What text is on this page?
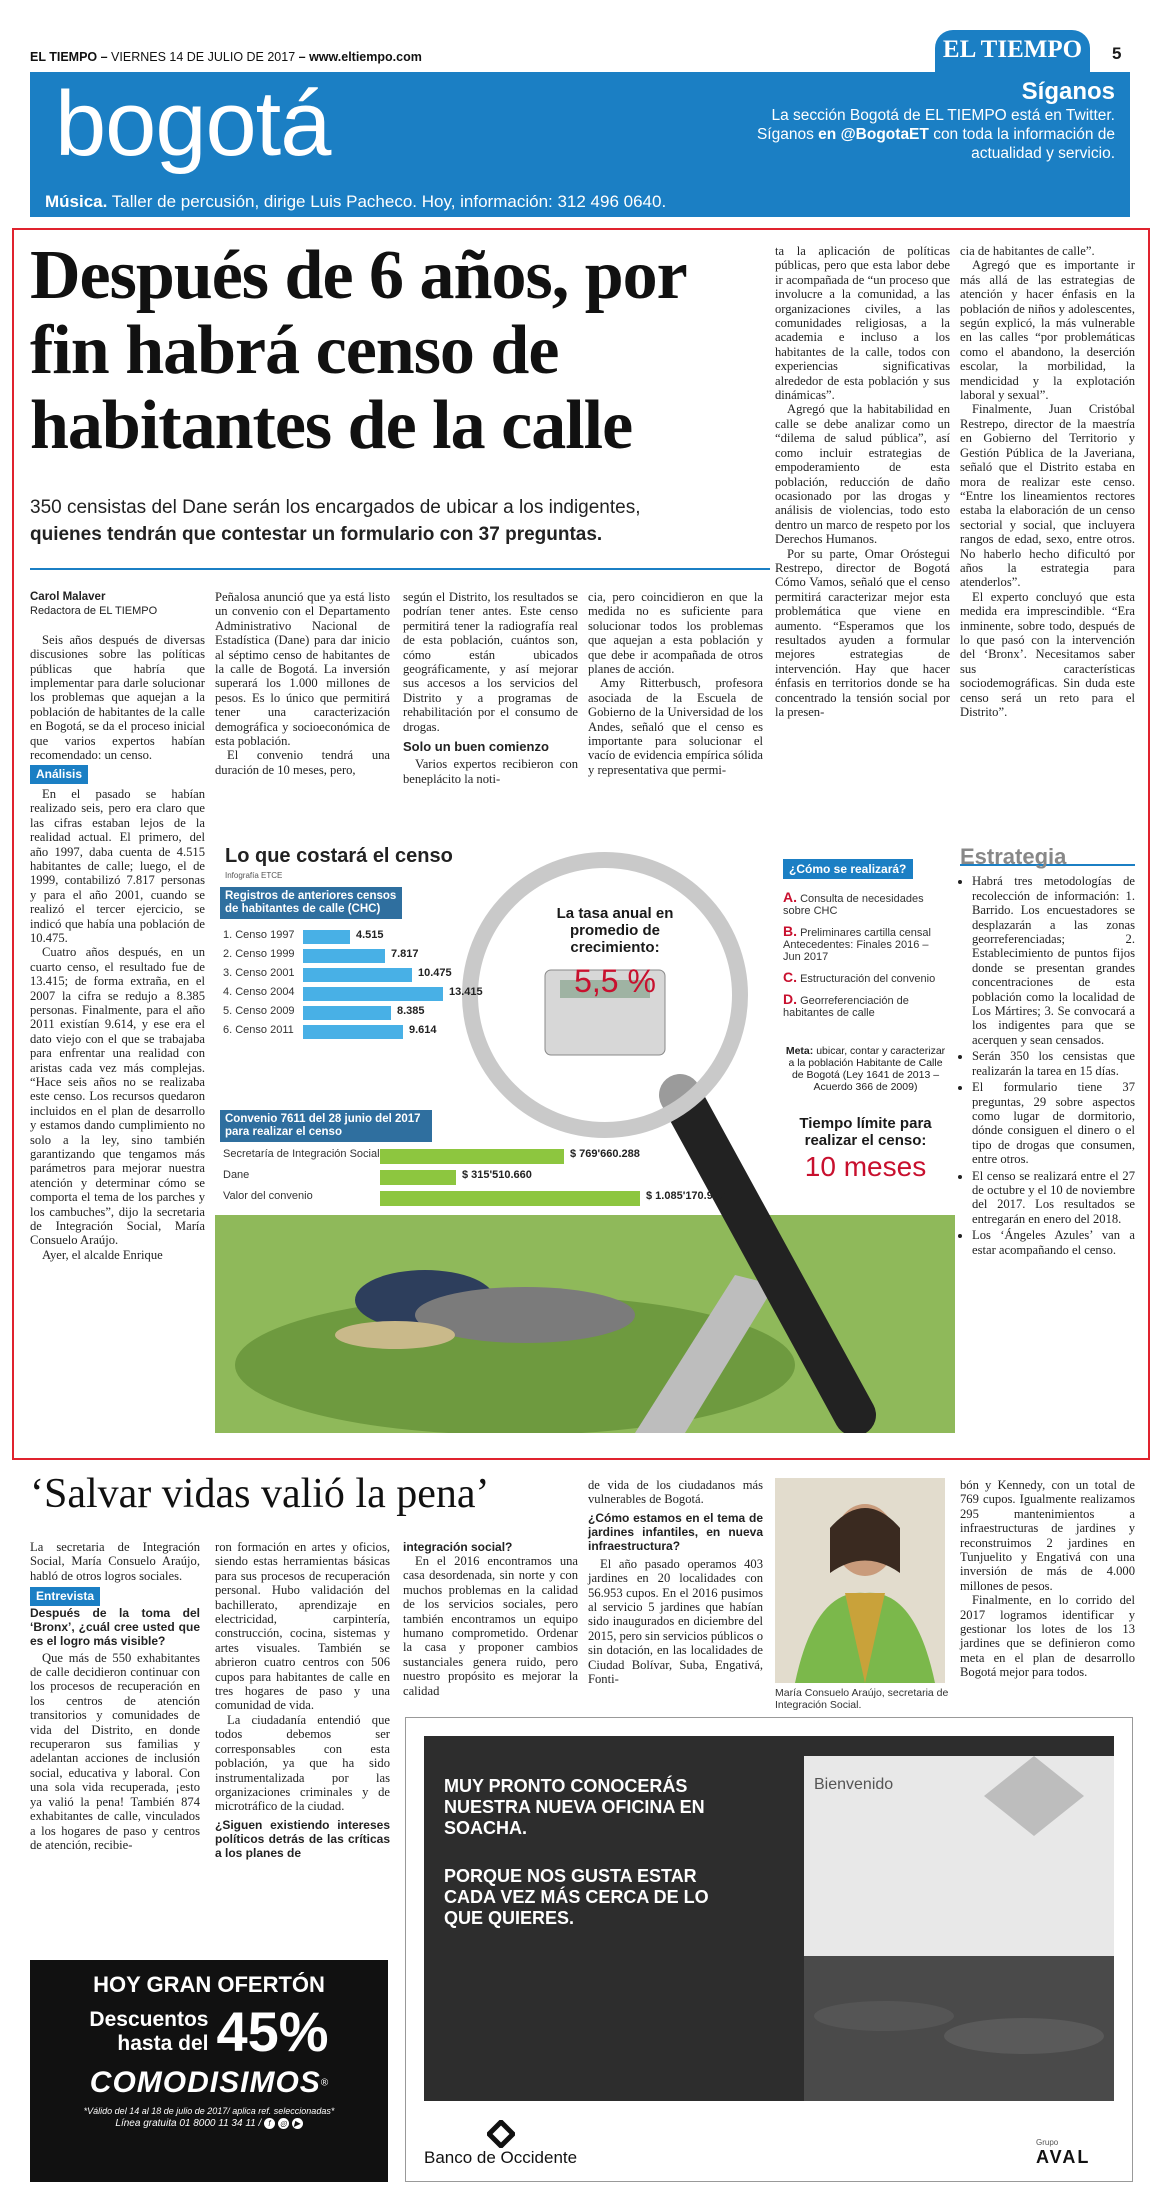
EL TIEMPO – VIERNES 14 DE JULIO DE 2017 – www.eltiempo.com	EL TIEMPO	5
bogotá	Síganos
La sección Bogotá de EL TIEMPO está en Twitter. Síganos en @BogotaET con toda la información de actualidad y servicio.
Música. Taller de percusión, dirige Luis Pacheco. Hoy, información: 312 496 0640.
Después de 6 años, por fin habrá censo de habitantes de la calle
350 censistas del Dane serán los encargados de ubicar a los indigentes,
quienes tendrán que contestar un formulario con 37 preguntas.
Carol Malaver
Redactora de EL TIEMPO

Seis años después de diversas discusiones sobre las políticas públicas que habría que implementar para darle solucionar los problemas que aquejan a la población de habitantes de la calle en Bogotá, se da el proceso inicial que varios expertos habían recomendado: un censo.

Análisis

En el pasado se habían realizado seis, pero era claro que las cifras estaban lejos de la realidad actual. El primero, del año 1997, daba cuenta de 4.515 habitantes de calle; luego, el de 1999, contabilizó 7.817 personas y para el año 2001, cuando se realizó el tercer ejercicio, se indicó que había una población de 10.475.

Cuatro años después, en un cuarto censo, el resultado fue de 13.415; de forma extraña, en el 2007 la cifra se redujo a 8.385 personas. Finalmente, para el año 2011 existían 9.614, y ese era el dato viejo con el que se trabajaba para enfrentar una realidad con aristas cada vez más complejas. “Hace seis años no se realizaba este censo. Los recursos quedaron incluidos en el plan de desarrollo y estamos dando cumplimiento no solo a la ley, sino también garantizando que tengamos más parámetros para mejorar nuestra atención y determinar cómo se comporta el tema de los parches y los cambuches”, dijo la secretaria de Integración Social, María Consuelo Araújo.

Ayer, el alcalde Enrique

Peñalosa anunció que ya está listo un convenio con el Departamento Administrativo Nacional de Estadística (Dane) para dar inicio al séptimo censo de habitantes de la calle de Bogotá. La inversión superará los 1.000 millones de pesos. Es lo único que permitirá tener una caracterización demográfica y socioeconómica de esta población.

El convenio tendrá una duración de 10 meses, pero,

según el Distrito, los resultados se podrían tener antes. Este censo permitirá tener la radiografía real de esta población, cuántos son, cómo están ubicados geográficamente, y así mejorar sus accesos a los servicios del Distrito y a programas de rehabilitación por el consumo de drogas.

Solo un buen comienzo

Varios expertos recibieron con beneplácito la noti-

cia, pero coincidieron en que la medida no es suficiente para solucionar todos los problemas que aquejan a esta población y que debe ir acompañada de otros planes de acción.

Amy Ritterbusch, profesora asociada de la Escuela de Gobierno de la Universidad de los Andes, señaló que el censo es importante para solucionar el vacío de evidencia empírica sólida y representativa que permi-

ta la aplicación de políticas públicas, pero que esta labor debe ir acompañada de “un proceso que involucre a la comunidad, a las organizaciones civiles, a las comunidades religiosas, a la academia e incluso a los habitantes de la calle, todos con experiencias significativas alrededor de esta población y sus dinámicas”.

Agregó que la habitabilidad en calle se debe analizar como un “dilema de salud pública”, así como incluir estrategias de empoderamiento de esta población, reducción de daño ocasionado por las drogas y análisis de violencias, todo esto dentro un marco de respeto por los Derechos Humanos.

Por su parte, Omar Oróstegui Restrepo, director de Bogotá Cómo Vamos, señaló que el censo permitirá caracterizar mejor esta problemática que viene en aumento. “Esperamos que los resultados ayuden a formular mejores estrategias de intervención. Hay que hacer énfasis en territorios donde se ha concentrado la tensión social por la presen-

cia de habitantes de calle”.

Agregó que es importante ir más allá de las estrategias de atención y hacer énfasis en la población de niños y adolescentes, según explicó, la más vulnerable en las calles “por problemáticas como el abandono, la deserción escolar, la morbilidad, la mendicidad y la explotación laboral y sexual”.

Finalmente, Juan Cristóbal Restrepo, director de la maestría en Gobierno del Territorio y Gestión Pública de la Javeriana, señaló que el Distrito estaba en mora de realizar este censo. “Entre los lineamientos rectores estaba la elaboración de un censo sectorial y social, que incluyera rangos de edad, sexo, entre otros. No haberlo hecho dificultó por años la estrategia para atenderlos”.

El experto concluyó que esta medida era imprescindible. “Era inminente, sobre todo, después de lo que pasó con la intervención del ‘Bronx’. Necesitamos saber sus características sociodemográficas. Sin duda este censo será un reto para el Distrito”.

Lo que costará el censo
Infografía ETCE
Registros de anteriores censos de habitantes de calle (CHC)
1. Censo 1997	4.515
2. Censo 1999	7.817
3. Censo 2001	10.475
4. Censo 2004	13.415
5. Censo 2009	8.385
6. Censo 2011	9.614
La tasa anual en promedio de crecimiento:
5,5 %
Convenio 7611 del 28 junio del 2017 para realizar el censo
Secretaría de Integración Social	$ 769'660.288
Dane	$ 315'510.660
Valor del convenio	$ 1.085'170.948
¿Cómo se realizará?
A. Consulta de necesidades sobre CHC
B. Preliminares cartilla censal Antecedentes: Finales 2016 – Jun 2017
C. Estructuración del convenio
D. Georreferenciación de habitantes de calle
Meta: ubicar, contar y caracterizar a la población Habitante de Calle de Bogotá (Ley 1641 de 2013 – Acuerdo 366 de 2009)
Tiempo límite para realizar el censo:
10 meses
Estrategia
• Habrá tres metodologías de recolección de información: 1. Barrido. Los encuestadores se desplazarán a las zonas georreferenciadas; 2. Establecimiento de puntos fijos donde se presentan grandes concentraciones de esta población como la localidad de Los Mártires; 3. Se convocará a los indigentes para que se acerquen y sean censados.
• Serán 350 los censistas que realizarán la tarea en 15 días.
• El formulario tiene 37 preguntas, 29 sobre aspectos como lugar de dormitorio, dónde consiguen el dinero o el tipo de drogas que consumen, entre otros.
• El censo se realizará entre el 27 de octubre y el 10 de noviembre del 2017. Los resultados se entregarán en enero del 2018.
• Los ‘Ángeles Azules’ van a estar acompañando el censo.
‘Salvar vidas valió la pena’

La secretaria de Integración Social, María Consuelo Araújo, habló de otros logros sociales.

Entrevista
Después de la toma del ‘Bronx’, ¿cuál cree usted que es el logro más visible?

Que más de 550 exhabitantes de calle decidieron continuar con los procesos de recuperación en los centros de atención transitorios y comunidades de vida del Distrito, en donde recuperaron sus familias y adelantan acciones de inclusión social, educativa y laboral. Con una sola vida recuperada, ¡esto ya valió la pena! También 874 exhabitantes de calle, vinculados a los hogares de paso y centros de atención, recibie-

ron formación en artes y oficios, siendo estas herramientas básicas para sus procesos de recuperación personal. Hubo validación del bachillerato, aprendizaje en electricidad, carpintería, construcción, cocina, sistemas y artes visuales. También se abrieron cuatro centros con 506 cupos para habitantes de calle en tres hogares de paso y una comunidad de vida.

La ciudadanía entendió que todos debemos ser corresponsables con esta población, ya que ha sido instrumentalizada por las organizaciones criminales y de microtráfico de la ciudad.

¿Siguen existiendo intereses políticos detrás de las críticas a los planes de
integración social?

En el 2016 encontramos una casa desordenada, sin norte y con muchos problemas en la calidad de los servicios sociales, pero también encontramos un equipo humano comprometido. Ordenar la casa y proponer cambios sustanciales genera ruido, pero nuestro propósito es mejorar la calidad

de vida de los ciudadanos más vulnerables de Bogotá.

¿Cómo estamos en el tema de jardines infantiles, en nueva infraestructura?

El año pasado operamos 403 jardines en 20 localidades con 56.953 cupos. En el 2016 pusimos al servicio 5 jardines que habían sido inaugurados en diciembre del 2015, pero sin servicios públicos o sin dotación, en las localidades de Ciudad Bolívar, Suba, Engativá, Fonti-

María Consuelo Araújo, secretaria de Integración Social.

bón y Kennedy, con un total de 769 cupos. Igualmente realizamos 295 mantenimientos a infraestructuras de jardines y reconstruimos 2 jardines en Tunjuelito y Engativá con una inversión de más de 4.000 millones de pesos.

Finalmente, en lo corrido del 2017 logramos identificar y gestionar los lotes de los 13 jardines que se definieron como meta en el plan de desarrollo Bogotá mejor para todos.

HOY GRAN OFERTÓN
Descuentos
hasta del 45%
COMODISIMOS®
*Válido del 14 al 18 de julio de 2017/ aplica ref. seleccionadas*
Línea gratuita 01 8000 11 34 11 / f ◎ ▶
Bienvenido
MUY PRONTO CONOCERÁS NUESTRA NUEVA OFICINA EN SOACHA.
PORQUE NOS GUSTA ESTAR CADA VEZ MÁS CERCA DE LO QUE QUIERES.
Banco de Occidente
Grupo
AVAL
